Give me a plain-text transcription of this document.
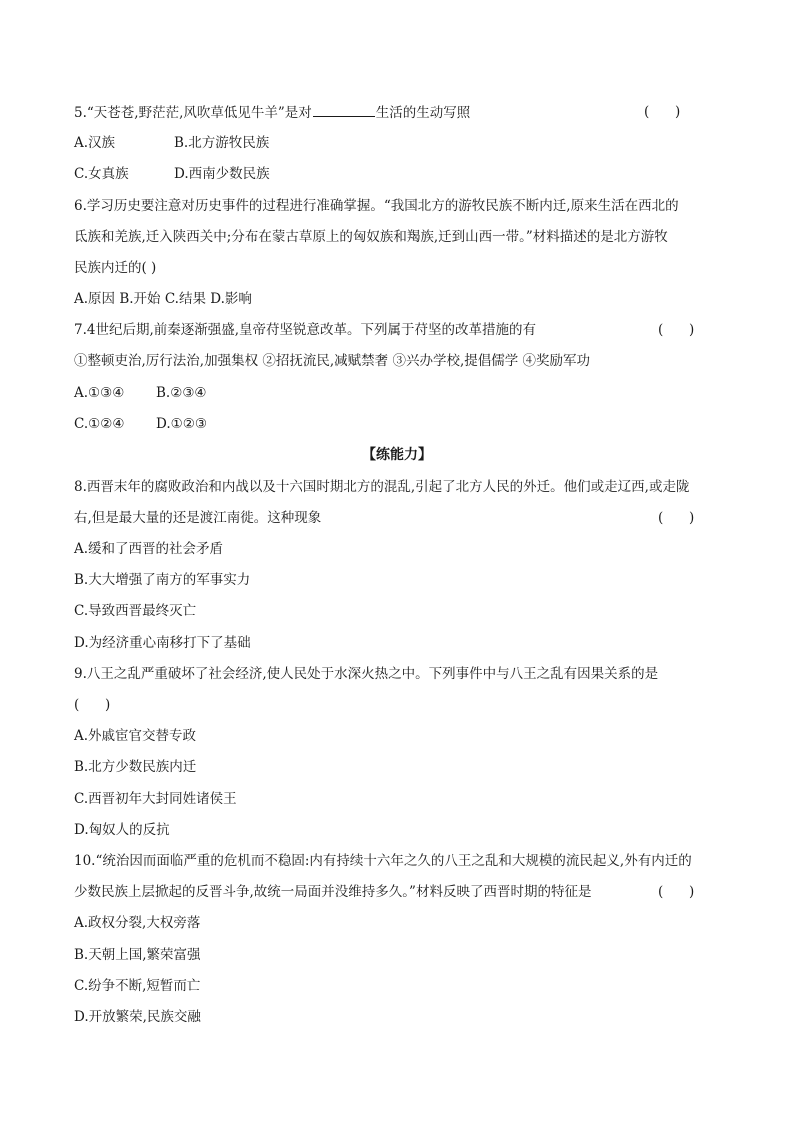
5.“天苍苍,野茫茫,风吹草低见牛羊”是对	生活的生动写照	(      )
A.汉族	B.北方游牧民族
C.女真族	D.西南少数民族
6.学习历史要注意对历史事件的过程进行准确掌握。“我国北方的游牧民族不断内迁,原来生活在西北的
氐族和羌族,迁入陕西关中;分布在蒙古草原上的匈奴族和羯族,迁到山西一带。”材料描述的是北方游牧
民族内迁的( )
A.原因 B.开始 C.结果 D.影响
7.4世纪后期,前秦逐渐强盛,皇帝苻坚锐意改革。下列属于苻坚的改革措施的有	(      )
①整顿吏治,厉行法治,加强集权 ②招抚流民,减赋禁奢 ③兴办学校,提倡儒学 ④奖励军功
A.①③④ B.②③④
C.①②④ D.①②③
【练能力】
8.西晋末年的腐败政治和内战以及十六国时期北方的混乱,引起了北方人民的外迁。他们或走辽西,或走陇
右,但是最大量的还是渡江南徙。这种现象	(      )
A.缓和了西晋的社会矛盾
B.大大增强了南方的军事实力
C.导致西晋最终灭亡
D.为经济重心南移打下了基础
9.八王之乱严重破坏了社会经济,使人民处于水深火热之中。下列事件中与八王之乱有因果关系的是
(      )
A.外戚宦官交替专政
B.北方少数民族内迁
C.西晋初年大封同姓诸侯王
D.匈奴人的反抗
10.“统治因而面临严重的危机而不稳固:内有持续十六年之久的八王之乱和大规模的流民起义,外有内迁的
少数民族上层掀起的反晋斗争,故统一局面并没维持多久。”材料反映了西晋时期的特征是	(      )
A.政权分裂,大权旁落
B.天朝上国,繁荣富强
C.纷争不断,短暂而亡
D.开放繁荣,民族交融
